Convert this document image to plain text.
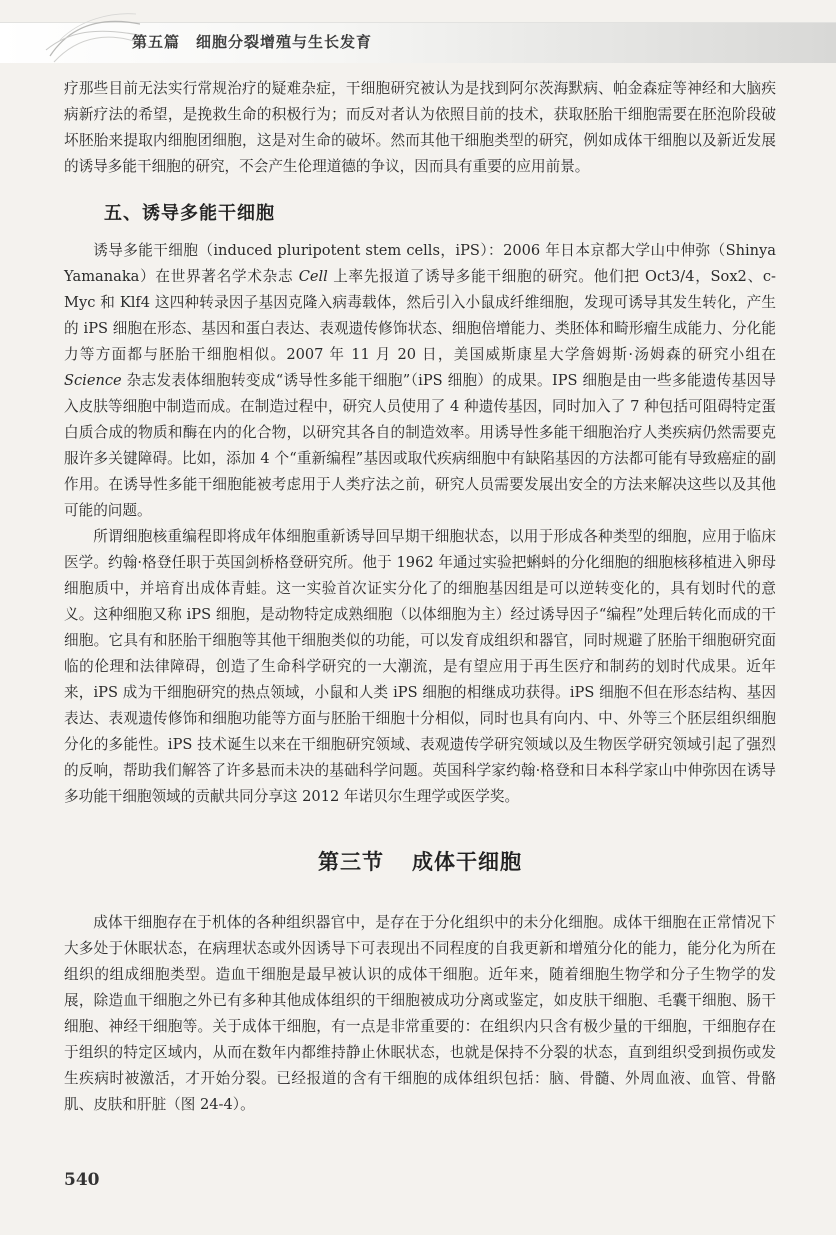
第五篇 细胞分裂增殖与生长发育

疗那些目前无法实行常规治疗的疑难杂症，干细胞研究被认为是找到阿尔茨海默病、帕金森症等神经和大脑疾病新疗法的希望，是挽救生命的积极行为；而反对者认为依照目前的技术，获取胚胎干细胞需要在胚泡阶段破坏胚胎来提取内细胞团细胞，这是对生命的破坏。然而其他干细胞类型的研究，例如成体干细胞以及新近发展的诱导多能干细胞的研究，不会产生伦理道德的争议，因而具有重要的应用前景。

五、诱导多能干细胞

诱导多能干细胞（induced pluripotent stem cells，iPS）：2006 年日本京都大学山中伸弥（Shinya Yamanaka）在世界著名学术杂志 Cell 上率先报道了诱导多能干细胞的研究。他们把 Oct3/4，Sox2、c-Myc 和 Klf4 这四种转录因子基因克隆入病毒载体，然后引入小鼠成纤维细胞，发现可诱导其发生转化，产生的 iPS 细胞在形态、基因和蛋白表达、表观遗传修饰状态、细胞倍增能力、类胚体和畸形瘤生成能力、分化能力等方面都与胚胎干细胞相似。2007 年 11 月 20 日，美国威斯康星大学詹姆斯·汤姆森的研究小组在 Science 杂志发表体细胞转变成“诱导性多能干细胞”（iPS 细胞）的成果。IPS 细胞是由一些多能遗传基因导入皮肤等细胞中制造而成。在制造过程中，研究人员使用了 4 种遗传基因，同时加入了 7 种包括可阻碍特定蛋白质合成的物质和酶在内的化合物，以研究其各自的制造效率。用诱导性多能干细胞治疗人类疾病仍然需要克服许多关键障碍。比如，添加 4 个“重新编程”基因或取代疾病细胞中有缺陷基因的方法都可能有导致癌症的副作用。在诱导性多能干细胞能被考虑用于人类疗法之前，研究人员需要发展出安全的方法来解决这些以及其他可能的问题。

所谓细胞核重编程即将成年体细胞重新诱导回早期干细胞状态，以用于形成各种类型的细胞，应用于临床医学。约翰·格登任职于英国剑桥格登研究所。他于 1962 年通过实验把蝌蚪的分化细胞的细胞核移植进入卵母细胞质中，并培育出成体青蛙。这一实验首次证实分化了的细胞基因组是可以逆转变化的，具有划时代的意义。这种细胞又称 iPS 细胞，是动物特定成熟细胞（以体细胞为主）经过诱导因子“编程”处理后转化而成的干细胞。它具有和胚胎干细胞等其他干细胞类似的功能，可以发育成组织和器官，同时规避了胚胎干细胞研究面临的伦理和法律障碍，创造了生命科学研究的一大潮流，是有望应用于再生医疗和制药的划时代成果。近年来，iPS 成为干细胞研究的热点领域，小鼠和人类 iPS 细胞的相继成功获得。iPS 细胞不但在形态结构、基因表达、表观遗传修饰和细胞功能等方面与胚胎干细胞十分相似，同时也具有向内、中、外等三个胚层组织细胞分化的多能性。iPS 技术诞生以来在干细胞研究领域、表观遗传学研究领域以及生物医学研究领域引起了强烈的反响，帮助我们解答了许多悬而未决的基础科学问题。英国科学家约翰·格登和日本科学家山中伸弥因在诱导多功能干细胞领域的贡献共同分享这 2012 年诺贝尔生理学或医学奖。

第三节 成体干细胞

成体干细胞存在于机体的各种组织器官中，是存在于分化组织中的未分化细胞。成体干细胞在正常情况下大多处于休眠状态，在病理状态或外因诱导下可表现出不同程度的自我更新和增殖分化的能力，能分化为所在组织的组成细胞类型。造血干细胞是最早被认识的成体干细胞。近年来，随着细胞生物学和分子生物学的发展，除造血干细胞之外已有多种其他成体组织的干细胞被成功分离或鉴定，如皮肤干细胞、毛囊干细胞、肠干细胞、神经干细胞等。关于成体干细胞，有一点是非常重要的：在组织内只含有极少量的干细胞，干细胞存在于组织的特定区域内，从而在数年内都维持静止休眠状态，也就是保持不分裂的状态，直到组织受到损伤或发生疾病时被激活，才开始分裂。已经报道的含有干细胞的成体组织包括：脑、骨髓、外周血液、血管、骨骼肌、皮肤和肝脏（图 24-4）。

540
